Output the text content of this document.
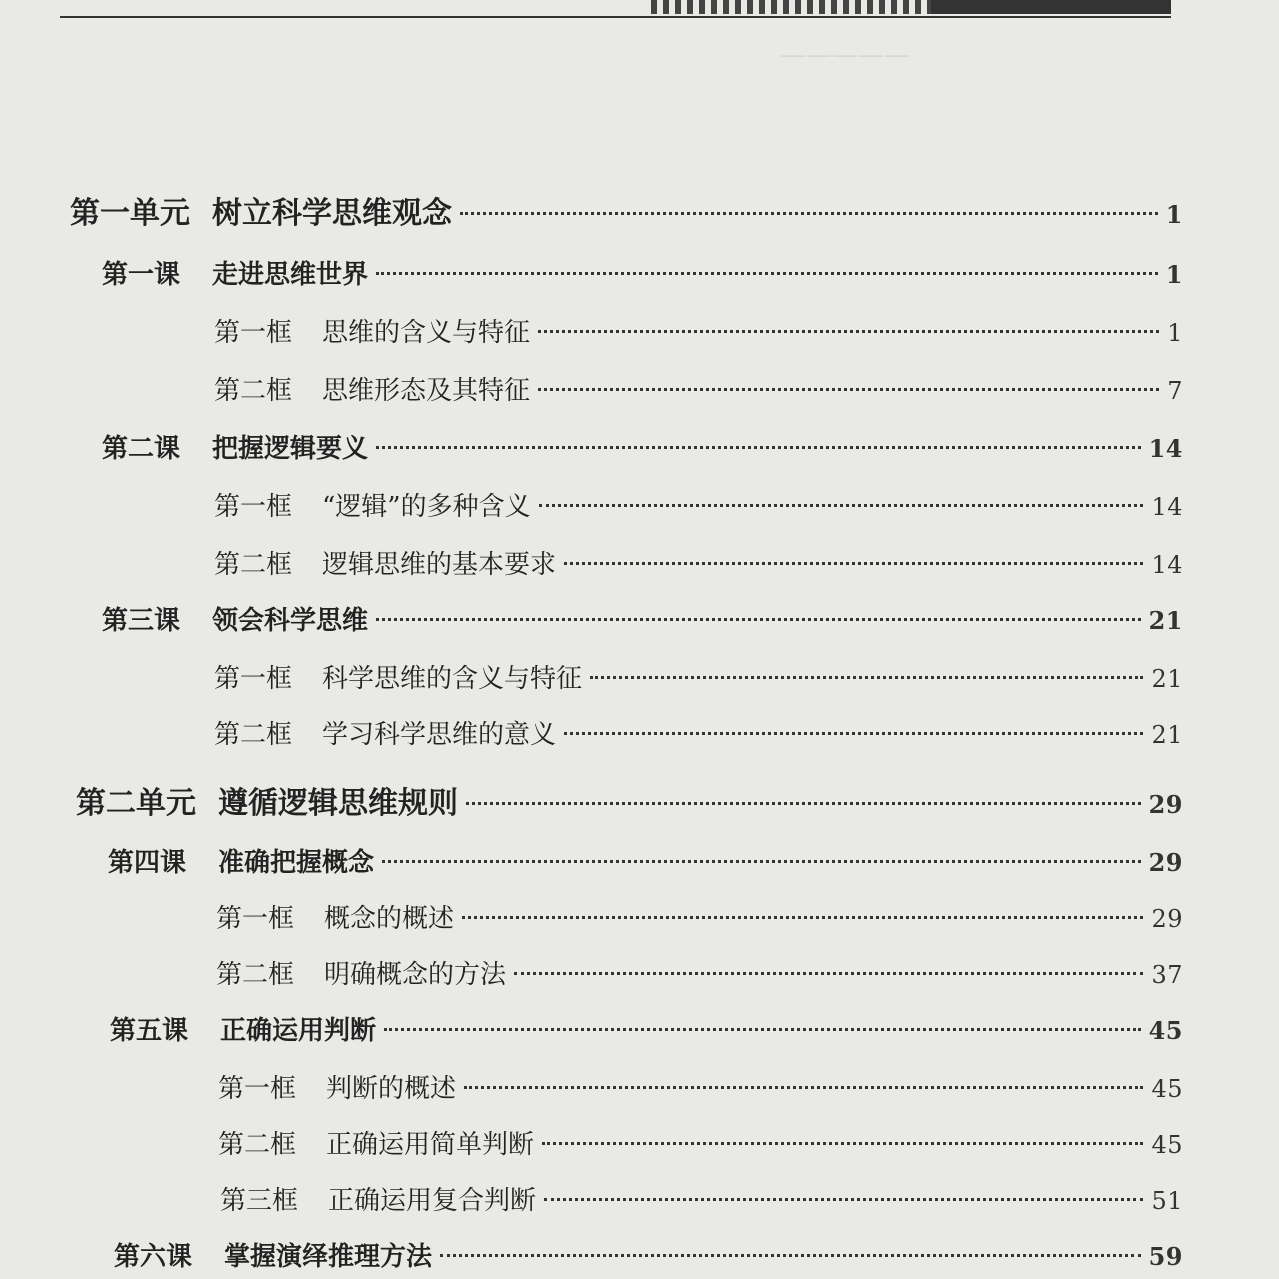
—————
第一单元 树立科学思维观念	1
第一课 走进思维世界	1
第一框 思维的含义与特征	1
第二框 思维形态及其特征	7
第二课 把握逻辑要义	14
第一框 “逻辑”的多种含义	14
第二框 逻辑思维的基本要求	14
第三课 领会科学思维	21
第一框 科学思维的含义与特征	21
第二框 学习科学思维的意义	21
第二单元 遵循逻辑思维规则	29
第四课 准确把握概念	29
第一框 概念的概述	29
第二框 明确概念的方法	37
第五课 正确运用判断	45
第一框 判断的概述	45
第二框 正确运用简单判断	45
第三框 正确运用复合判断	51
第六课 掌握演绎推理方法	59
